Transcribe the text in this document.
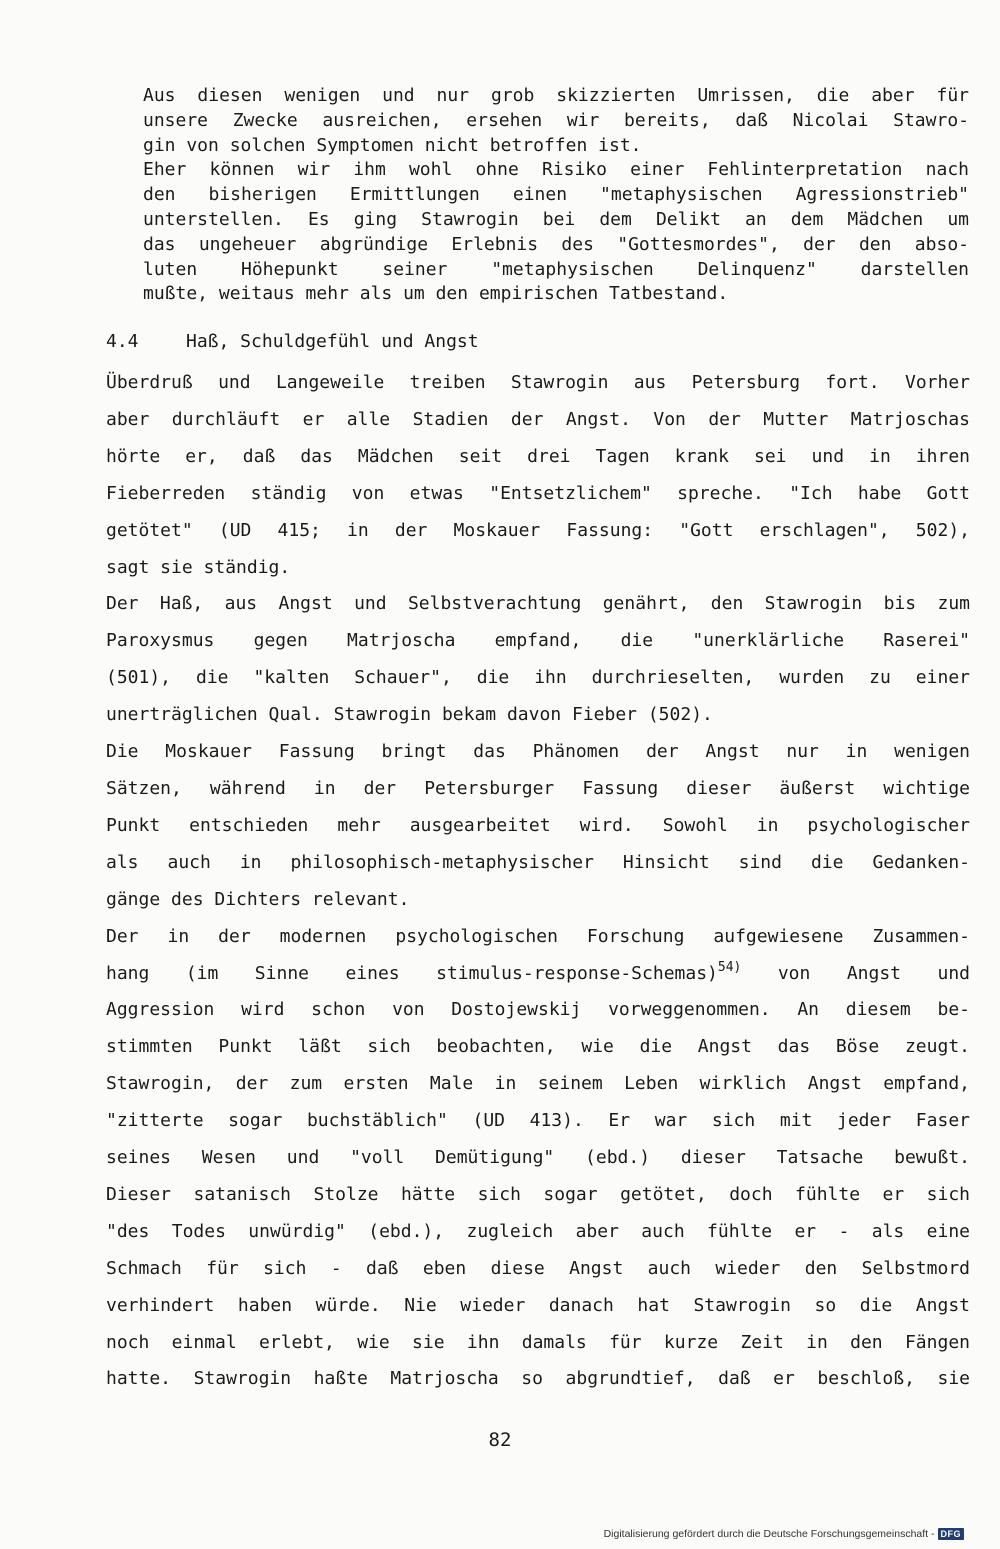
Aus diesen wenigen und nur grob skizzierten Umrissen, die aber für
unsere Zwecke ausreichen, ersehen wir bereits, daß Nicolai Stawro-
gin von solchen Symptomen nicht betroffen ist.
Eher können wir ihm wohl ohne Risiko einer Fehlinterpretation nach
den bisherigen Ermittlungen einen "metaphysischen Agressionstrieb"
unterstellen. Es ging Stawrogin bei dem Delikt an dem Mädchen um
das ungeheuer abgründige Erlebnis des "Gottesmordes", der den abso-
luten Höhepunkt seiner "metaphysischen Delinquenz" darstellen
mußte, weitaus mehr als um den empirischen Tatbestand.
4.4	Haß, Schuldgefühl und Angst
Überdruß und Langeweile treiben Stawrogin aus Petersburg fort. Vorher
aber durchläuft er alle Stadien der Angst. Von der Mutter Matrjoschas
hörte er, daß das Mädchen seit drei Tagen krank sei und in ihren
Fieberreden ständig von etwas "Entsetzlichem" spreche. "Ich habe Gott
getötet" (UD 415; in der Moskauer Fassung: "Gott erschlagen", 502),
sagt sie ständig.
Der Haß, aus Angst und Selbstverachtung genährt, den Stawrogin bis zum
Paroxysmus gegen Matrjoscha empfand, die "unerklärliche Raserei"
(501), die "kalten Schauer", die ihn durchrieselten, wurden zu einer
unerträglichen Qual. Stawrogin bekam davon Fieber (502).
Die Moskauer Fassung bringt das Phänomen der Angst nur in wenigen
Sätzen, während in der Petersburger Fassung dieser äußerst wichtige
Punkt entschieden mehr ausgearbeitet wird. Sowohl in psychologischer
als auch in philosophisch-metaphysischer Hinsicht sind die Gedanken-
gänge des Dichters relevant.
Der in der modernen psychologischen Forschung aufgewiesene Zusammen-
hang (im Sinne eines stimulus-response-Schemas)$^{54)}$ von Angst und
Aggression wird schon von Dostojewskij vorweggenommen. An diesem be-
stimmten Punkt läßt sich beobachten, wie die Angst das Böse zeugt.
Stawrogin, der zum ersten Male in seinem Leben wirklich Angst empfand,
"zitterte sogar buchstäblich" (UD 413). Er war sich mit jeder Faser
seines Wesen und "voll Demütigung" (ebd.) dieser Tatsache bewußt.
Dieser satanisch Stolze hätte sich sogar getötet, doch fühlte er sich
"des Todes unwürdig" (ebd.), zugleich aber auch fühlte er - als eine
Schmach für sich - daß eben diese Angst auch wieder den Selbstmord
verhindert haben würde. Nie wieder danach hat Stawrogin so die Angst
noch einmal erlebt, wie sie ihn damals für kurze Zeit in den Fängen
hatte. Stawrogin haßte Matrjoscha so abgrundtief, daß er beschloß, sie
82
Digitalisierung gefördert durch die Deutsche Forschungsgemeinschaft - DFG
